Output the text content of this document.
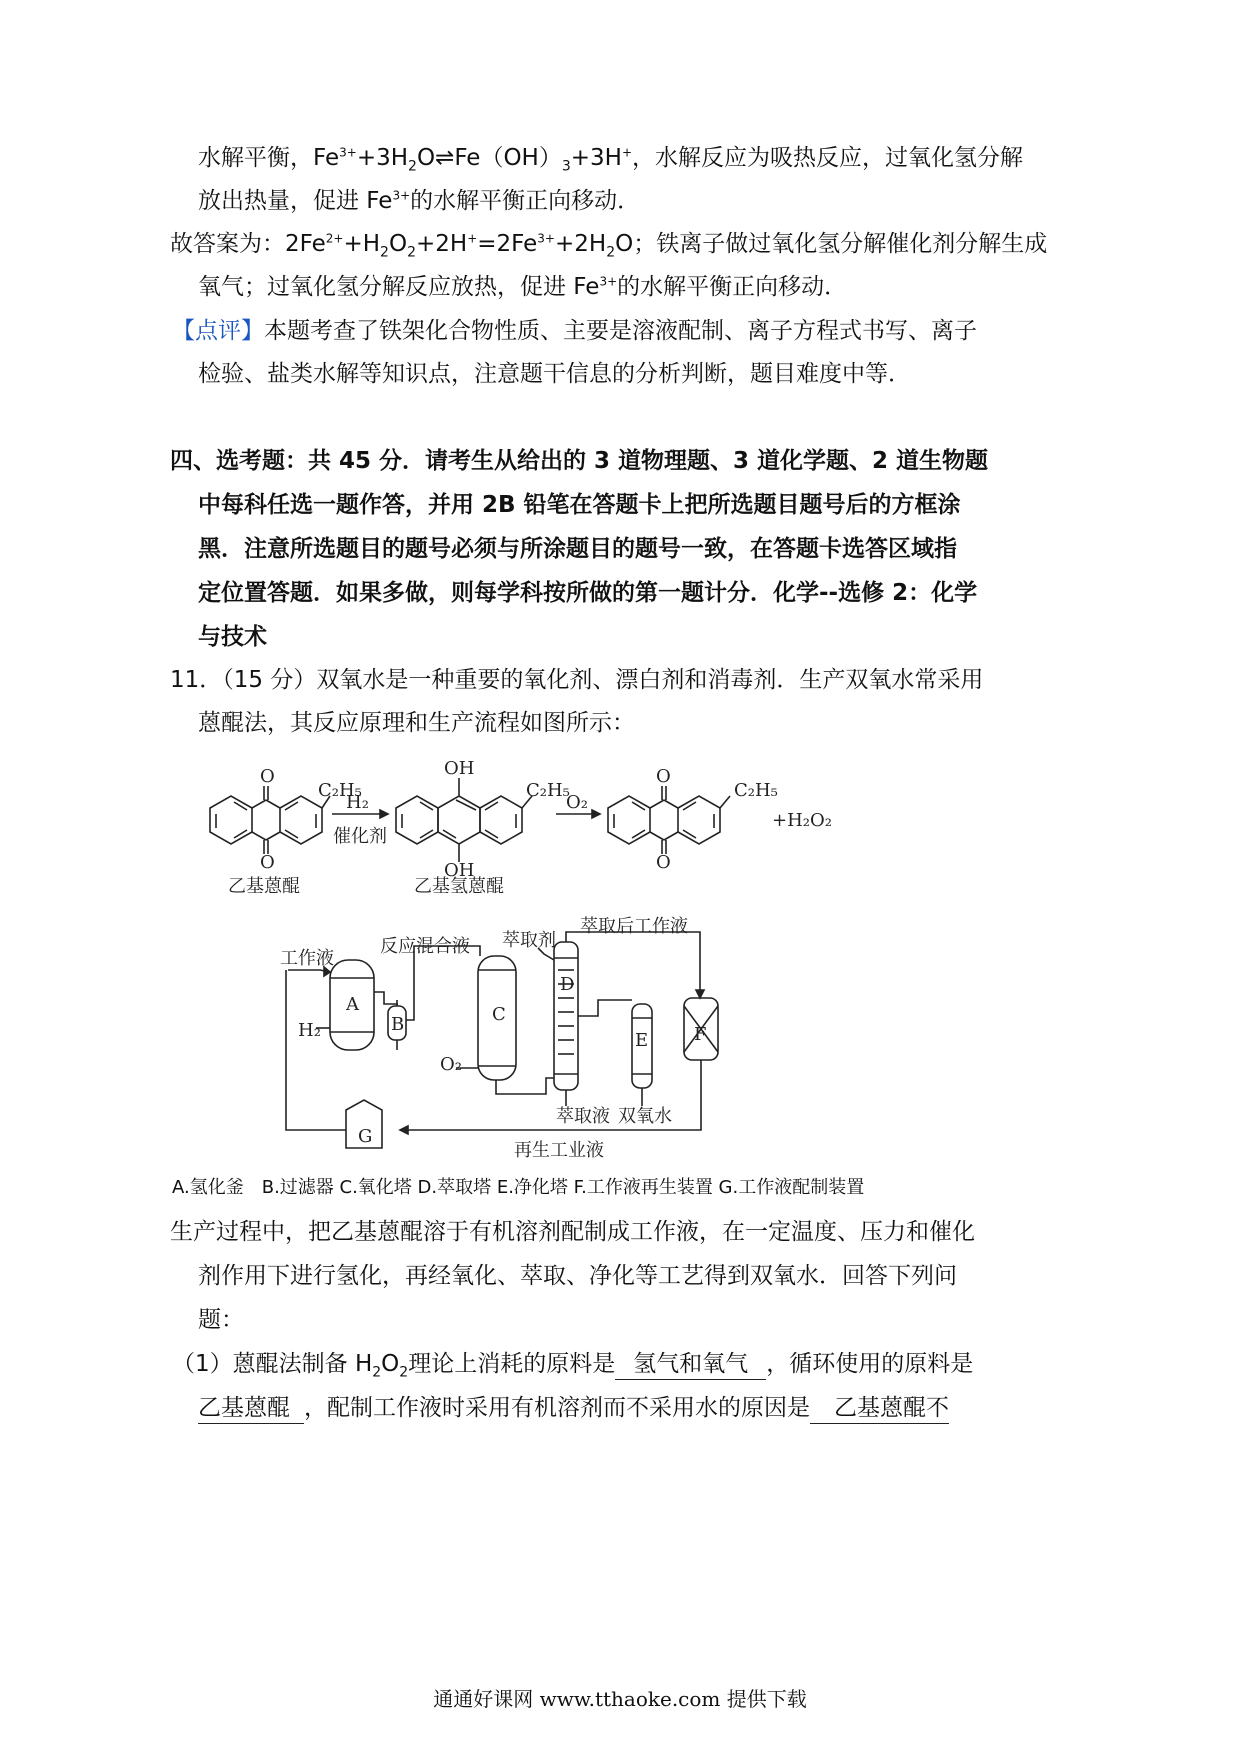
水解平衡，$Fe^{3+}+3H_2O\rightleftharpoons Fe(OH)_3+3H^+$，水解反应为吸热反应，过氧化氢分解
放出热量，促进 $Fe^{3+}$的水解平衡正向移动．
故答案为：$2Fe^{2+}+H_2O_2+2H^+=2Fe^{3+}+2H_2O$；铁离子做过氧化氢分解催化剂分解生成
氧气；过氧化氢分解反应放热，促进 $Fe^{3+}$的水解平衡正向移动．
【点评】本题考查了铁架化合物性质、主要是溶液配制、离子方程式书写、离子
检验、盐类水解等知识点，注意题干信息的分析判断，题目难度中等．
四、选考题：共 45 分．请考生从给出的 3 道物理题、3 道化学题、2 道生物题
中每科任选一题作答，并用 2B 铅笔在答题卡上把所选题目题号后的方框涂
黑．注意所选题目的题号必须与所涂题目的题号一致，在答题卡选答区域指
定位置答题．如果多做，则每学科按所做的第一题计分．化学--选修 2：化学
与技术
11．（15 分）双氧水是一种重要的氧化剂、漂白剂和消毒剂．生产双氧水常采用
蒽醌法，其反应原理和生产流程如图所示：
O
O
C₂H₅
H₂
OH
OH
C₂H₅
O₂
O
O
C₂H₅
+H₂O₂
催化剂
乙基蒽醌	乙基氢蒽醌
工作液
H₂
A
B
反应混合液
C
O₂
萃取剂
萃取后工作液
D
E	F
萃取液 双氧水
G
再生工业液
A.氢化釜　B.过滤器 C.氧化塔 D.萃取塔 E.净化塔 F.工作液再生装置 G.工作液配制装置
生产过程中，把乙基蒽醌溶于有机溶剂配制成工作液，在一定温度、压力和催化
剂作用下进行氢化，再经氧化、萃取、净化等工艺得到双氧水．回答下列问
题：
（1）蒽醌法制备 $H_2O_2$理论上消耗的原料是 氢气和氧气 ，循环使用的原料是
乙基蒽醌 ，配制工作液时采用有机溶剂而不采用水的原因是 乙基蒽醌不
通通好课网 www.tthaoke.com 提供下载
